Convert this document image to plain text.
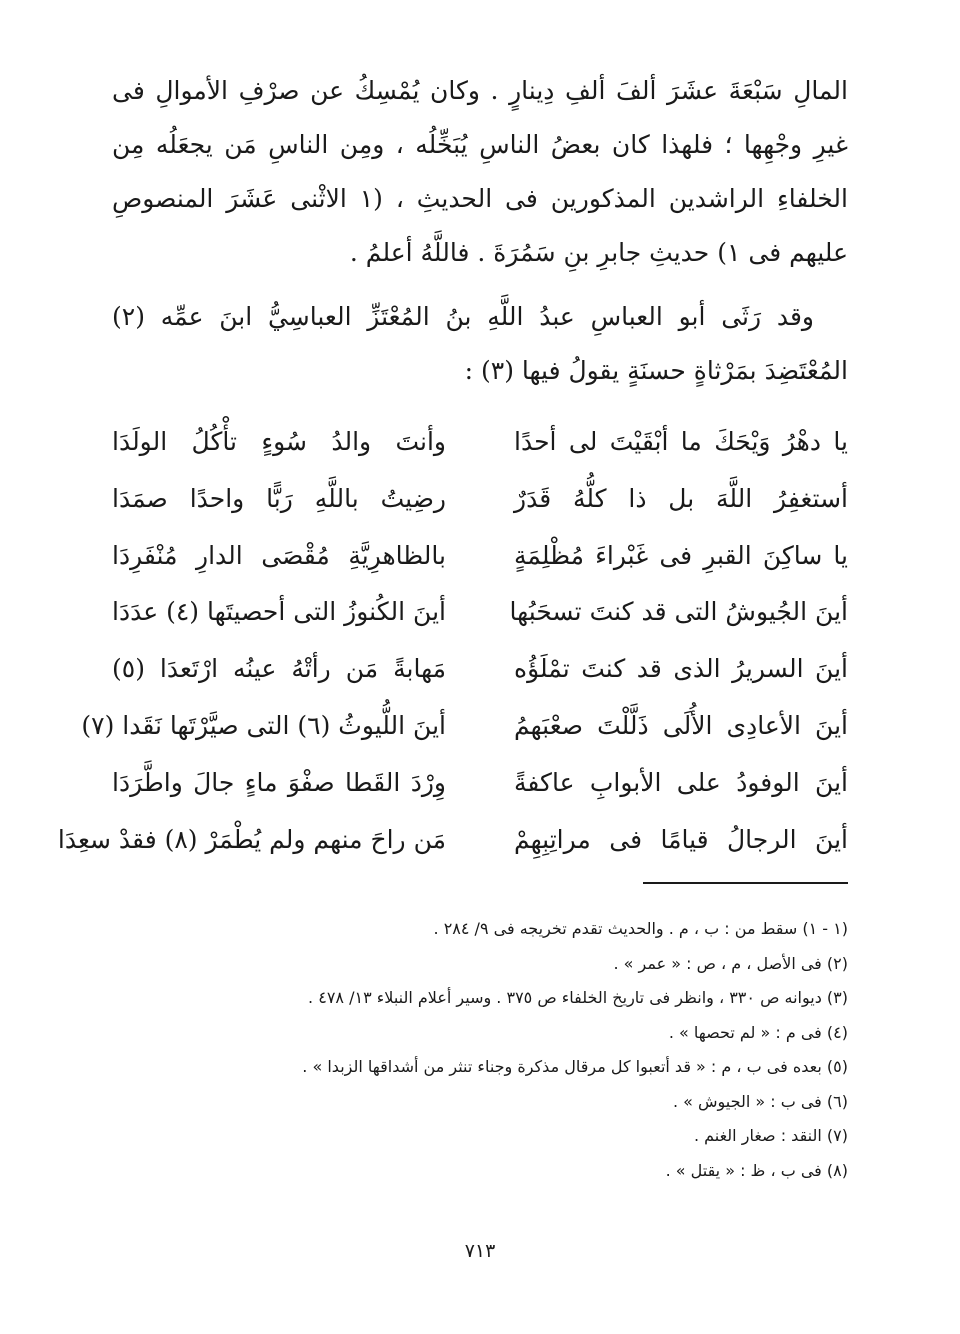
المالِ سَبْعَةَ عشَرَ ألفَ ألفِ دِينارٍ . وكان يُمْسِكُ عن صرْفِ الأموالِ فى غيرِ وجْهِها ؛ فلهذا كان بعضُ الناسِ يُبَخِّلُه ، ومِن الناسِ مَن يجعَلُه مِن الخلفاءِ الراشدين المذكورين فى الحديثِ ، (١ الاثْنى عَشَرَ المنصوصِ عليهم فى ١) حديثِ جابرِ بنِ سَمُرَةَ . فاللَّهُ أعلمُ .

وقد رَثَى أبو العباسِ عبدُ اللَّهِ بنُ المُعْتَزِّ العباسِيُّ ابنَ عمِّه (٢) المُعْتَضِدَ بمَرْثاةٍ حسنَةٍ يقولُ فيها (٣) :

يا دهْرُ وَيْحَكَ ما أبْقَيْتَ لى أحدًا
وأنتَ والدُ سُوءٍ تأْكُلُ الولَدَا
أستغفِرُ اللَّهَ بل ذا كلُّهُ قَدَرٌ
رضِيتُ باللَّهِ رَبًّا واحدًا صمَدَا
يا ساكِنَ القبرِ فى غَبْراءَ مُظْلِمَةٍ
بالظاهرِيَّةِ مُقْصَى الدارِ مُنْفَرِدَا
أينَ الجُيوشُ التى قد كنتَ تسحَبُها
أينَ الكُنوزُ التى أحصيتَها (٤) عدَدَا
أينَ السريرُ الذى قد كنتَ تمْلَؤُه
مَهابةً مَن رأتْهُ عينُه ارْتَعدَا (٥)
أينَ الأعادِى الأُلَى ذَلَّلْتَ صعْبَهمُ
أينَ اللُّيوثُ (٦) التى صيَّرْتَها نَقَدا (٧)
أينَ الوفودُ على الأبوابِ عاكفةً
وِرْدَ القَطا صفْوَ ماءٍ جالَ واطَّرَدَا
أينَ الرجالُ قيامًا فى مراتِبِهِمْ
مَن راحَ منهم ولم يُطْمَرْ (٨) فقدْ سعِدَا

(١ - ١) سقط من : ب ، م . والحديث تقدم تخريجه فى ٩/ ٢٨٤ .

(٢) فى الأصل ، م ، ص : « عمر » .

(٣) ديوانه ص ٣٣٠ ، وانظر فى تاريخ الخلفاء ص ٣٧٥ . وسير أعلام النبلاء ١٣/ ٤٧٨ .

(٤) فى م : « لم تحصها » .

(٥) بعده فى ب ، م : « قد أتعبوا كل مرقال مذكرة وجناء تنثر من أشداقها الزبدا » .

(٦) فى ب : « الجيوش » .

(٧) النقد : صغار الغنم .

(٨) فى ب ، ظ : « يقتل » .

٧١٣
